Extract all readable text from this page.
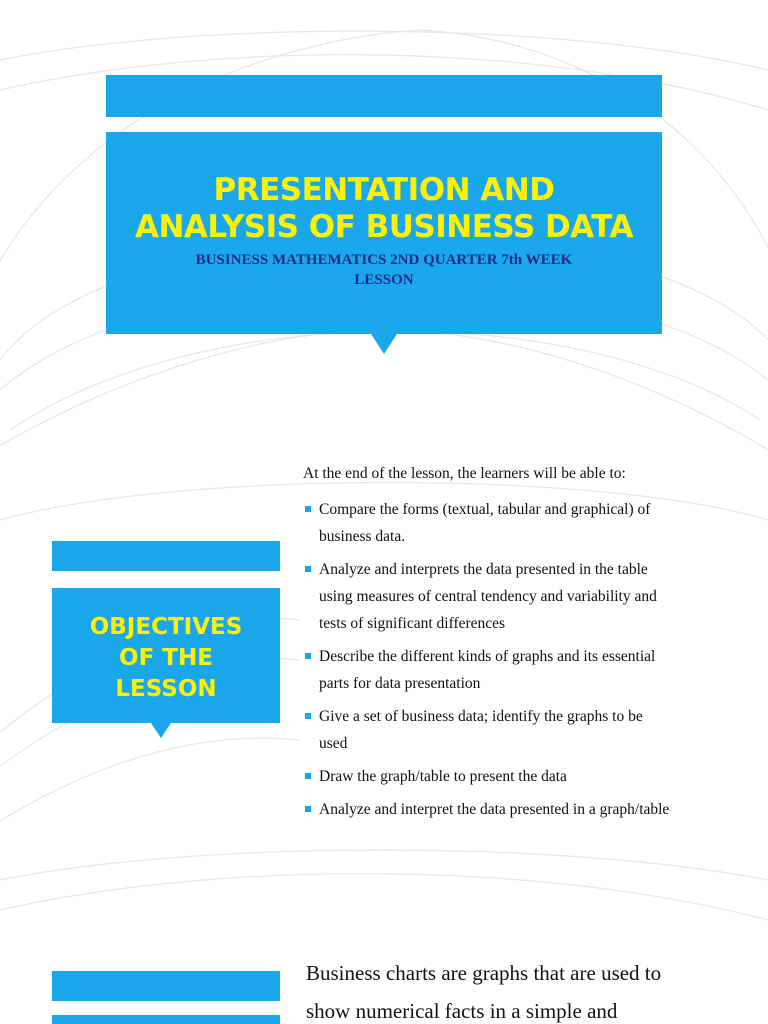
PRESENTATION AND
ANALYSIS OF BUSINESS DATA
BUSINESS MATHEMATICS 2ND QUARTER 7th WEEK
LESSON
OBJECTIVES
OF THE
LESSON
At the end of the lesson, the learners will be able to:
Compare the forms (textual, tabular and graphical) of
business data.
Analyze and interprets the data presented in the table
using measures of central tendency and variability and
tests of significant differences
Describe the different kinds of graphs and its essential
parts for data presentation
Give a set of business data; identify the graphs to be
used
Draw the graph/table to present the data
Analyze and interpret the data presented in a graph/table
Business charts are graphs that are used to
show numerical facts in a simple and
